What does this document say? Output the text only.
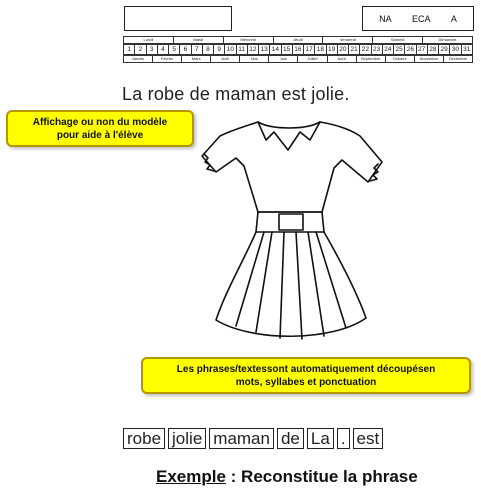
NA ECA A
Lundi	Mardi	Mercredi	Jeudi	Vendredi	Samedi	Dimanche
1	2	3	4	5	6	7	8	9	10	11	12	13	14	15	16	17	18	19	20	21	22	23	24	25	26	27	28	29	30	31
Janvier	Février	Mars	Avril	Mai	Juin	Juillet	Août	Septembre	Octobre	Novembre	Décembre
La robe de maman est jolie.
Affichage ou non du modèle
pour aide à l'élève
Les phrases/textessont automatiquement découpésen
mots, syllabes et ponctuation
robe jolie maman de La . est
Exemple : Reconstitue la phrase
